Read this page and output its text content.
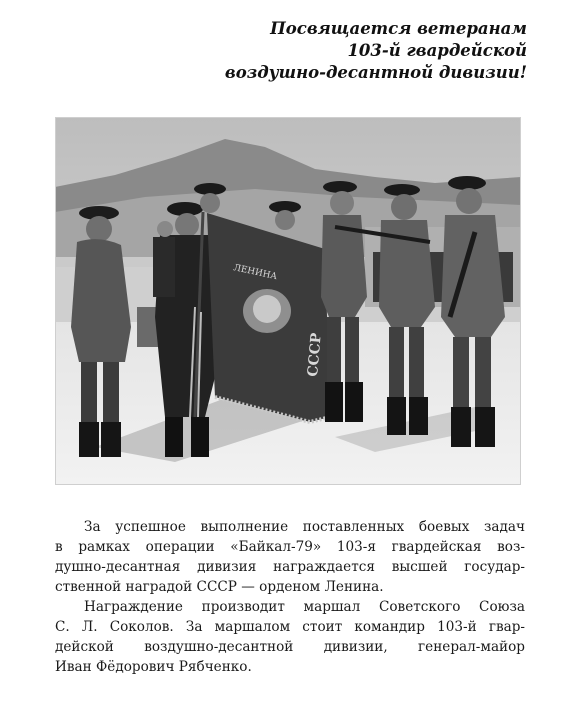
Посвящается ветеранам
103-й гвардейской
воздушно-десантной дивизии!
ЛЕНИНА
СССР
За успешное выполнение поставленных боевых задач
в рамках операции «Байкал-79» 103-я гвардейская воз-
душно-десантная дивизия награждается высшей государ-
ственной наградой СССР — орденом Ленина.
Награждение производит маршал Советского Союза
С. Л. Соколов. За маршалом стоит командир 103-й гвар-
дейской воздушно-десантной дивизии, генерал-майор
Иван Фёдорович Рябченко.
